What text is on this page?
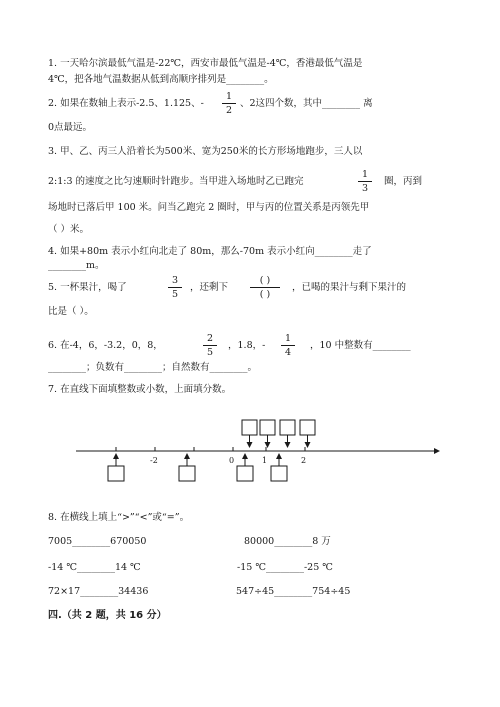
1. 一天哈尔滨最低气温是-22℃，西安市最低气温是-4℃，香港最低气温是
4℃，把各地气温数据从低到高顺序排列是________。
2. 如果在数轴上表示-2.5、1.125、-
1
2
、2这四个数，其中________ 离
0点最远。
3. 甲、乙、丙三人沿着长为500米、宽为250米的长方形场地跑步，三人以
2:1:3 的速度之比匀速顺时针跑步。当甲进入场地时乙已跑完
1
3
圈，丙到
场地时已落后甲 100 米。问当乙跑完 2 圈时，甲与丙的位置关系是丙领先甲
（ ）米。
4. 如果+80m 表示小红向北走了 80m，那么-70m 表示小红向________走了
________m。
5. 一杯果汁，喝了
3
5
，还剩下
( )
( )
，已喝的果汁与剩下果汁的
比是（ ）。
6. 在-4，6，-3.2，0，8，
2
5
，1.8，-
1
4
，10 中整数有________
________；负数有________；自然数有________。
7. 在直线下面填整数或小数，上面填分数。
-2	0	1	2
8. 在横线上填上“>”“<”或“=”。
7005________670050	80000________8 万
-14 ℃________14 ℃	-15 ℃________-25 ℃
72×17________34436	547÷45________754÷45
四.（共 2 题，共 16 分）
